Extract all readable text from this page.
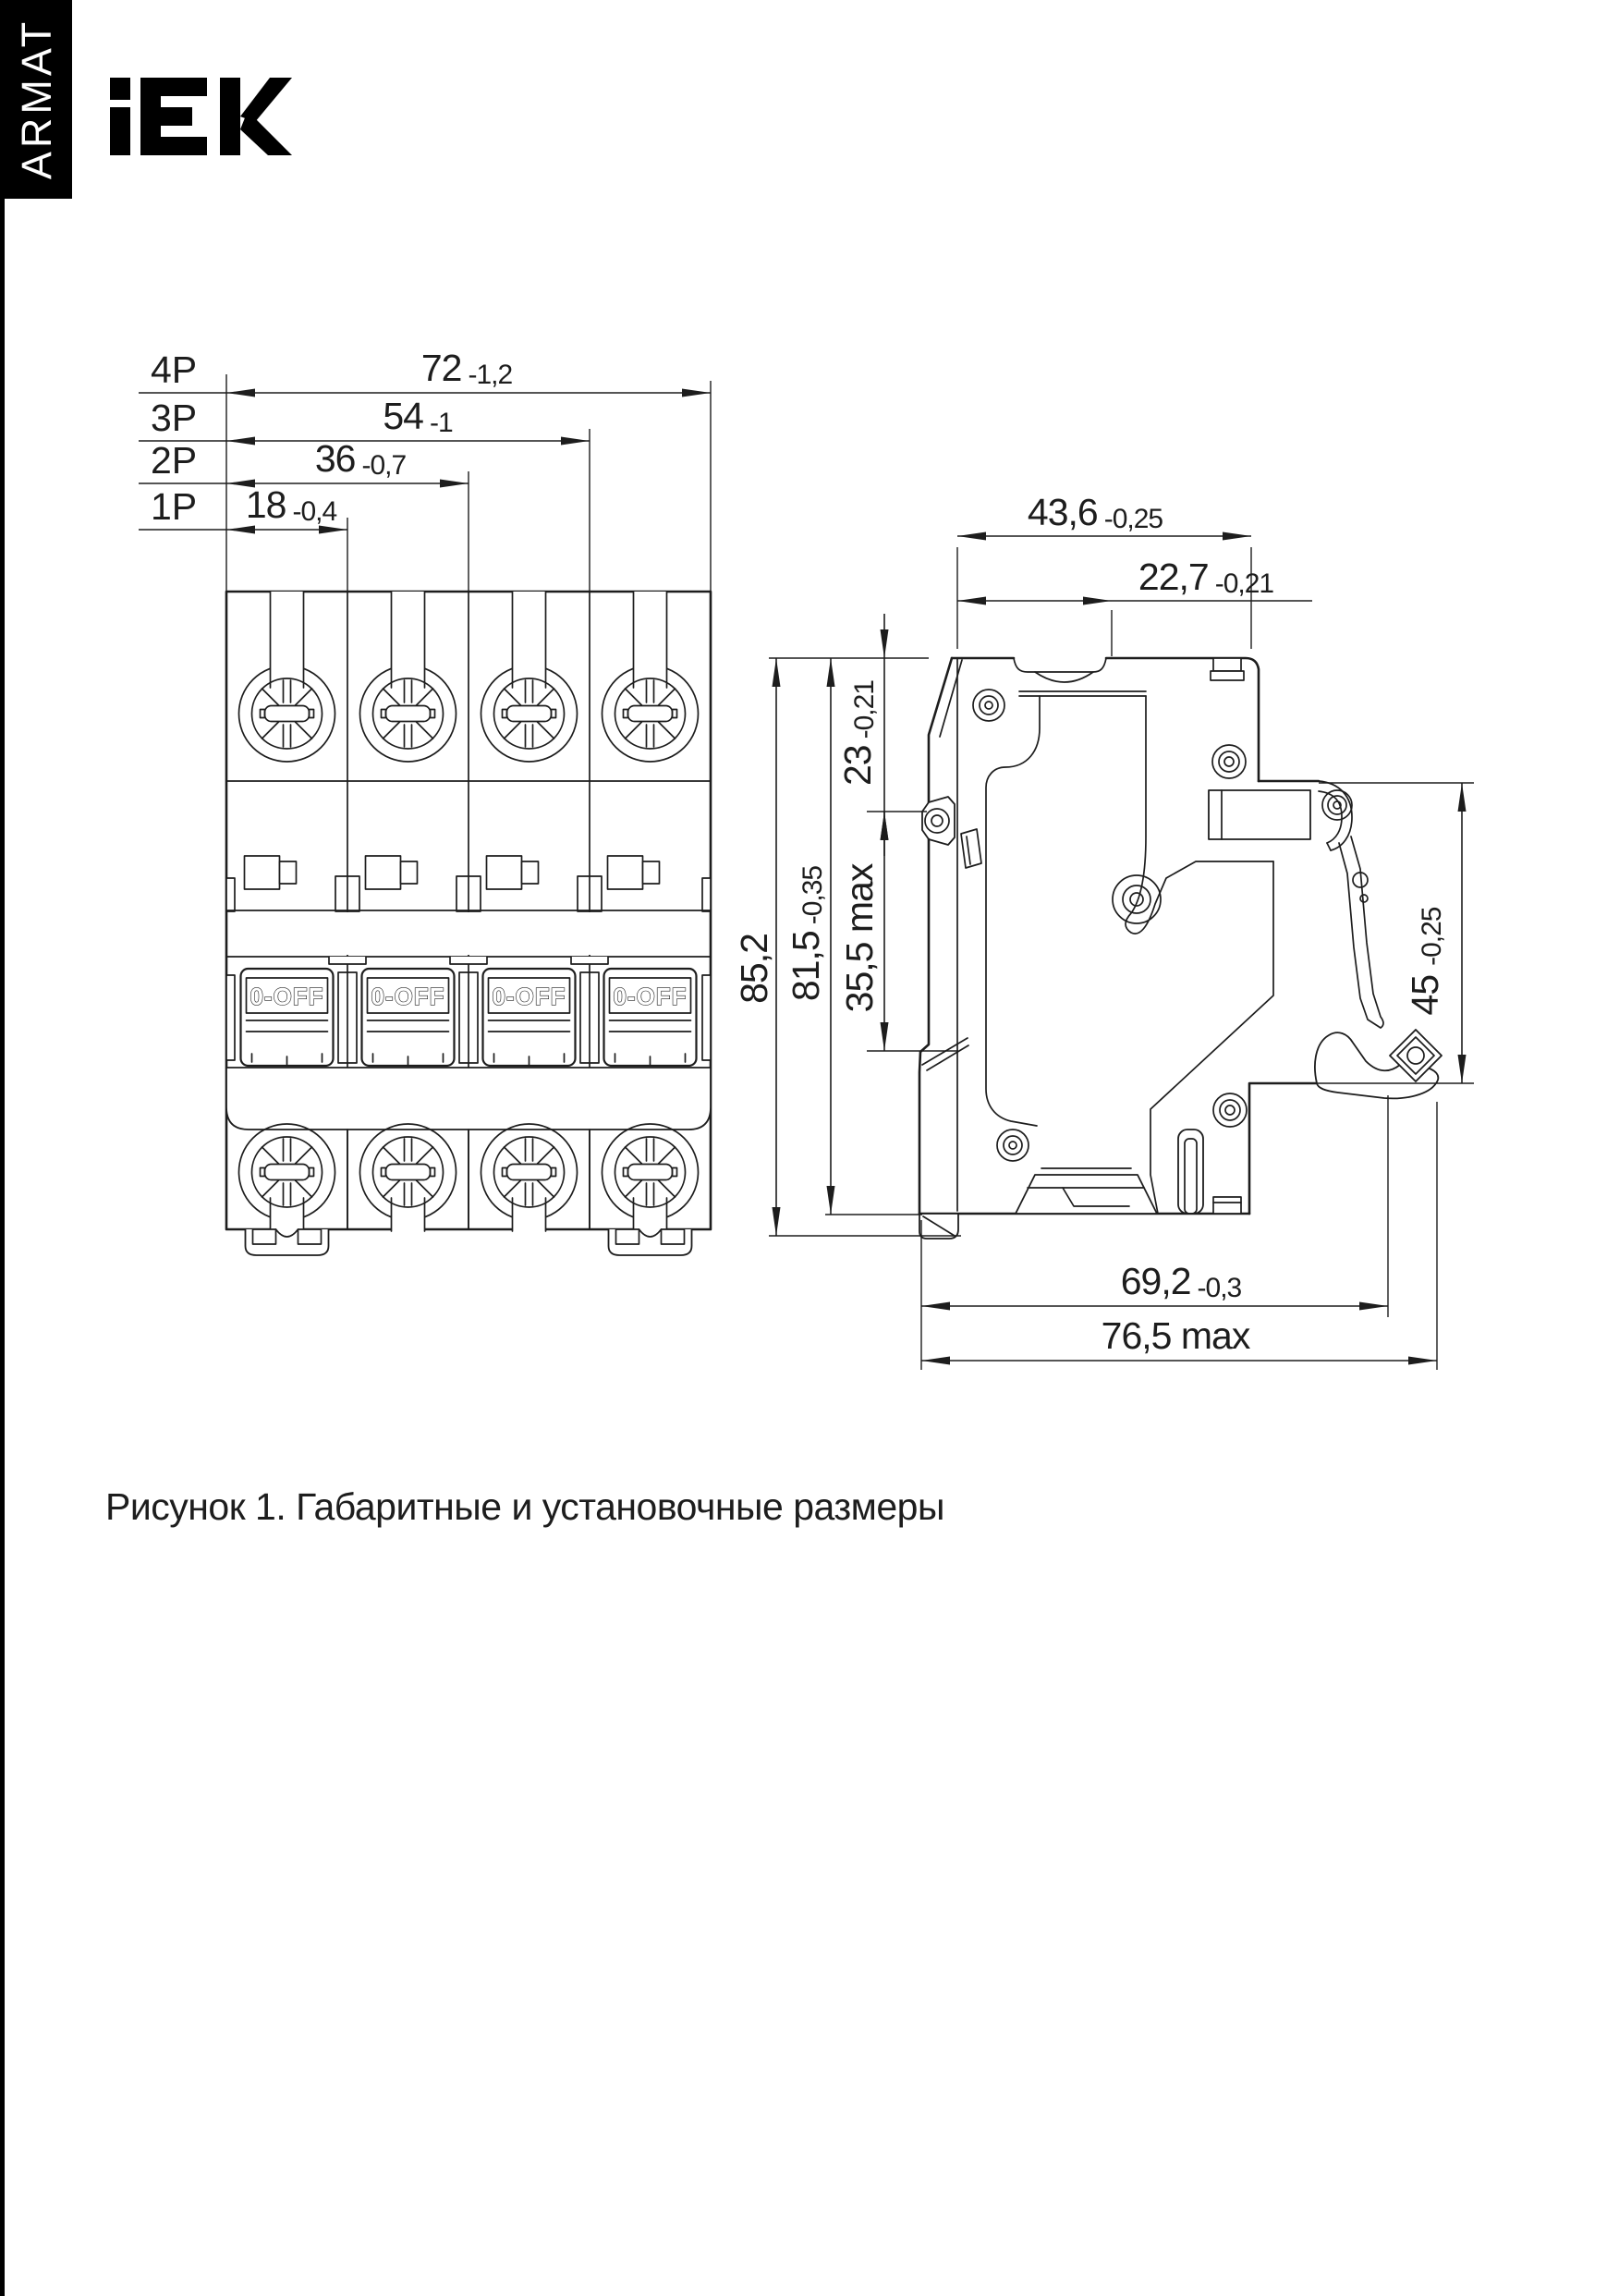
ARMAT
4P	72 -1,2
3P	54 -1
2P	36 -0,7
1P 18 -0,4	43,6 -0,25
22,7 -0,21
85,2 81,5-0,35
23-0,21
35,5 max	45-0,25
69,2 -0,3
76,5 max
Рисунок 1. Габаритные и установочные размеры
